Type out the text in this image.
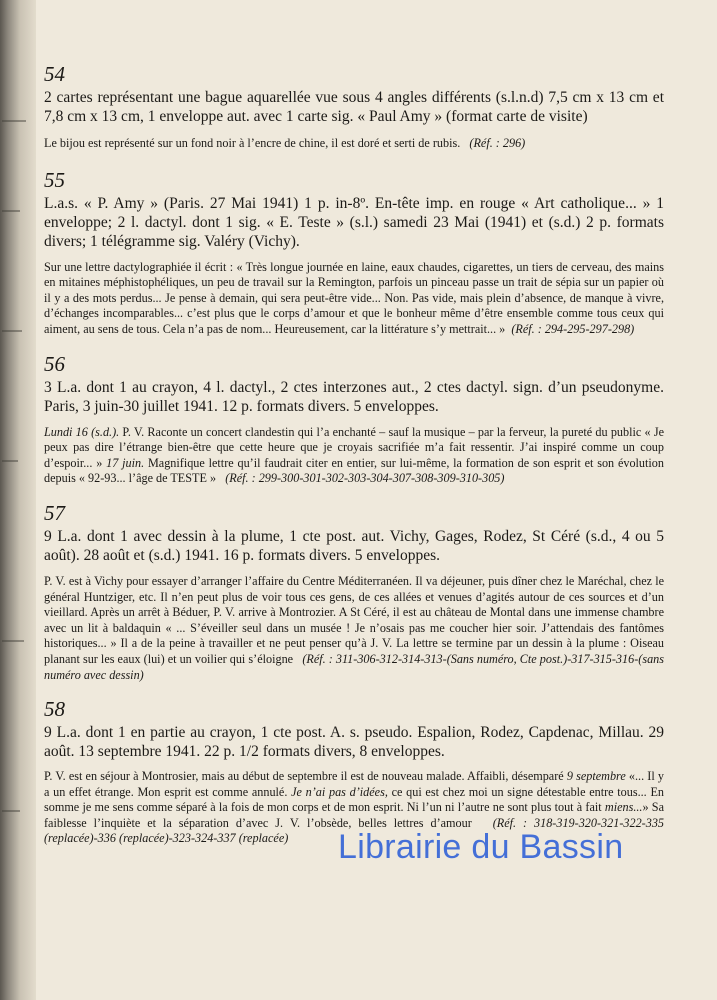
54

2 cartes représentant une bague aquarellée vue sous 4 angles différents (s.l.n.d) 7,5 cm x 13 cm et 7,8 cm x 13 cm, 1 enveloppe aut. avec 1 carte sig. « Paul Amy » (format carte de visite)

Le bijou est représenté sur un fond noir à l’encre de chine, il est doré et serti de rubis. (Réf. : 296)

55

L.a.s. « P. Amy » (Paris. 27 Mai 1941) 1 p. in-8º. En-tête imp. en rouge « Art catholique... » 1 enveloppe; 2 l. dactyl. dont 1 sig. « E. Teste » (s.l.) samedi 23 Mai (1941) et (s.d.) 2 p. formats divers; 1 télégramme sig. Valéry (Vichy).

Sur une lettre dactylographiée il écrit : « Très longue journée en laine, eaux chaudes, cigarettes, un tiers de cerveau, des mains en mitaines méphistophéliques, un peu de travail sur la Remington, parfois un pinceau passe un trait de sépia sur un papier où il y a des mots perdus... Je pense à demain, qui sera peut-être vide... Non. Pas vide, mais plein d’absence, de manque à vivre, d’échanges incomparables... c’est plus que le corps d’amour et que le bonheur même d’être ensemble comme tous ceux qui aiment, au sens de tous. Cela n’a pas de nom... Heureusement, car la littérature s’y mettrait... » (Réf. : 294-295-297-298)

56

3 L.a. dont 1 au crayon, 4 l. dactyl., 2 ctes interzones aut., 2 ctes dactyl. sign. d’un pseudonyme. Paris, 3 juin-30 juillet 1941. 12 p. formats divers. 5 enveloppes.

Lundi 16 (s.d.). P. V. Raconte un concert clandestin qui l’a enchanté – sauf la musique – par la ferveur, la pureté du public « Je peux pas dire l’étrange bien-être que cette heure que je croyais sacrifiée m’a fait ressentir. J’ai inspiré comme un coup d’espoir... » 17 juin. Magnifique lettre qu’il faudrait citer en entier, sur lui-même, la formation de son esprit et son évolution depuis « 92-93... l’âge de TESTE » (Réf. : 299-300-301-302-303-304-307-308-309-310-305)

57

9 L.a. dont 1 avec dessin à la plume, 1 cte post. aut. Vichy, Gages, Rodez, St Céré (s.d., 4 ou 5 août). 28 août et (s.d.) 1941. 16 p. formats divers. 5 enveloppes.

P. V. est à Vichy pour essayer d’arranger l’affaire du Centre Méditerranéen. Il va déjeuner, puis dîner chez le Maréchal, chez le général Huntziger, etc. Il n’en peut plus de voir tous ces gens, de ces allées et venues d’agités autour de ces sources et d’un vieillard. Après un arrêt à Béduer, P. V. arrive à Montrozier. A St Céré, il est au château de Montal dans une immense chambre avec un lit à baldaquin « ... S’éveiller seul dans un musée ! Je n’osais pas me coucher hier soir. J’attendais des fantômes historiques... » Il a de la peine à travailler et ne peut penser qu’à J. V. La lettre se termine par un dessin à la plume : Oiseau planant sur les eaux (lui) et un voilier qui s’éloigne (Réf. : 311-306-312-314-313-(Sans numéro, Cte post.)-317-315-316-(sans numéro avec dessin)

58

9 L.a. dont 1 en partie au crayon, 1 cte post. A. s. pseudo. Espalion, Rodez, Capdenac, Millau. 29 août. 13 septembre 1941. 22 p. 1/2 formats divers, 8 enveloppes.

P. V. est en séjour à Montrosier, mais au début de septembre il est de nouveau malade. Affaibli, désemparé 9 septembre «... Il y a un effet étrange. Mon esprit est comme annulé. Je n’ai pas d’idées, ce qui est chez moi un signe détestable entre tous... En somme je me sens comme séparé à la fois de mon corps et de mon esprit. Ni l’un ni l’autre ne sont plus tout à fait miens...» Sa faiblesse l’inquiète et la séparation d’avec J. V. l’obsède, belles lettres d’amour (Réf. : 318-319-320-321-322-335 (replacée)-336 (replacée)-323-324-337 (replacée)	Librairie du Bassin
